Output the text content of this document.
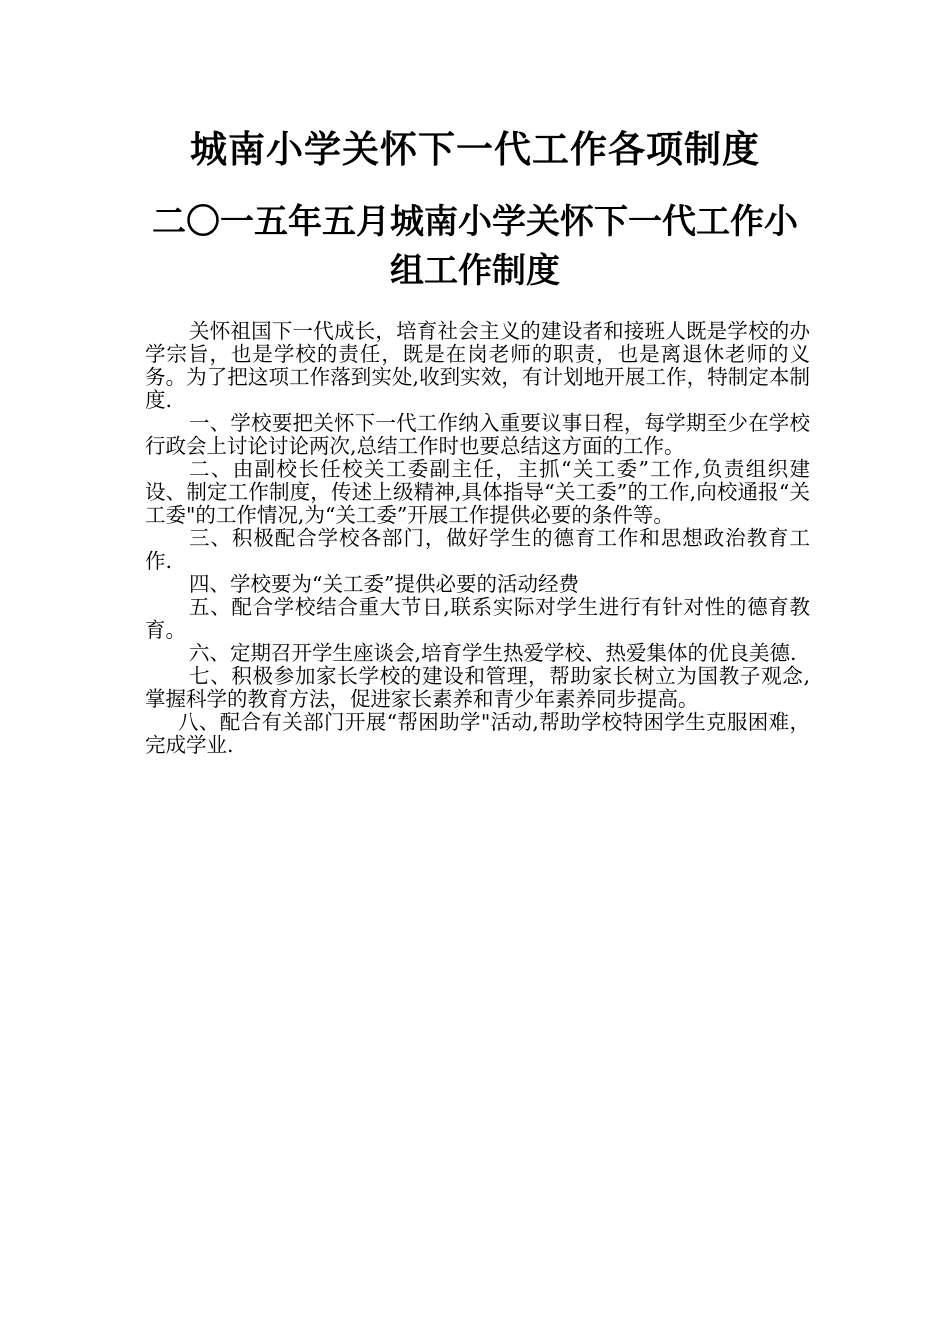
城南小学关怀下一代工作各项制度
二〇一五年五月城南小学关怀下一代工作小组工作制度

关怀祖国下一代成长，培育社会主义的建设者和接班人既是学校的办学宗旨，也是学校的责任，既是在岗老师的职责，也是离退休老师的义务。为了把这项工作落到实处,收到实效，有计划地开展工作，特制定本制度.

一、学校要把关怀下一代工作纳入重要议事日程，每学期至少在学校行政会上讨论讨论两次,总结工作时也要总结这方面的工作。

二、由副校长任校关工委副主任，主抓“关工委”工作,负责组织建设、制定工作制度，传述上级精神,具体指导“关工委”的工作,向校通报“关工委"的工作情况,为“关工委”开展工作提供必要的条件等。

三、积极配合学校各部门，做好学生的德育工作和思想政治教育工作.

四、学校要为“关工委”提供必要的活动经费

五、配合学校结合重大节日,联系实际对学生进行有针对性的德育教育。

六、定期召开学生座谈会,培育学生热爱学校、热爱集体的优良美德.

七、积极参加家长学校的建设和管理，帮助家长树立为国教子观念,掌握科学的教育方法，促进家长素养和青少年素养同步提高。

八、配合有关部门开展“帮困助学"活动,帮助学校特困学生克服困难，完成学业.
